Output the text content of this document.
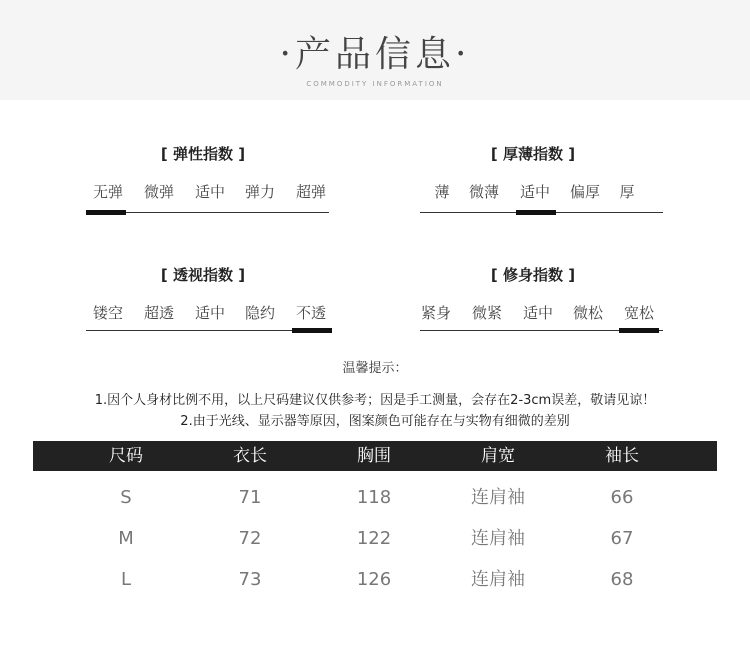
·产品信息·
COMMODITY INFORMATION
[ 弹性指数 ]
无弹	微弹	适中	弹力	超弹
[ 厚薄指数 ]
薄	微薄	适中	偏厚	厚
[ 透视指数 ]
镂空	超透	适中	隐约	不透
[ 修身指数 ]
紧身	微紧	适中	微松	宽松
温馨提示：
1.因个人身材比例不用，以上尺码建议仅供参考；因是手工测量，会存在2-3cm误差，敬请见谅！
2.由于光线、显示器等原因，图案颜色可能存在与实物有细微的差别
尺码	衣长	胸围	肩宽	袖长
S	71	118	连肩袖	66
M	72	122	连肩袖	67
L	73	126	连肩袖	68
